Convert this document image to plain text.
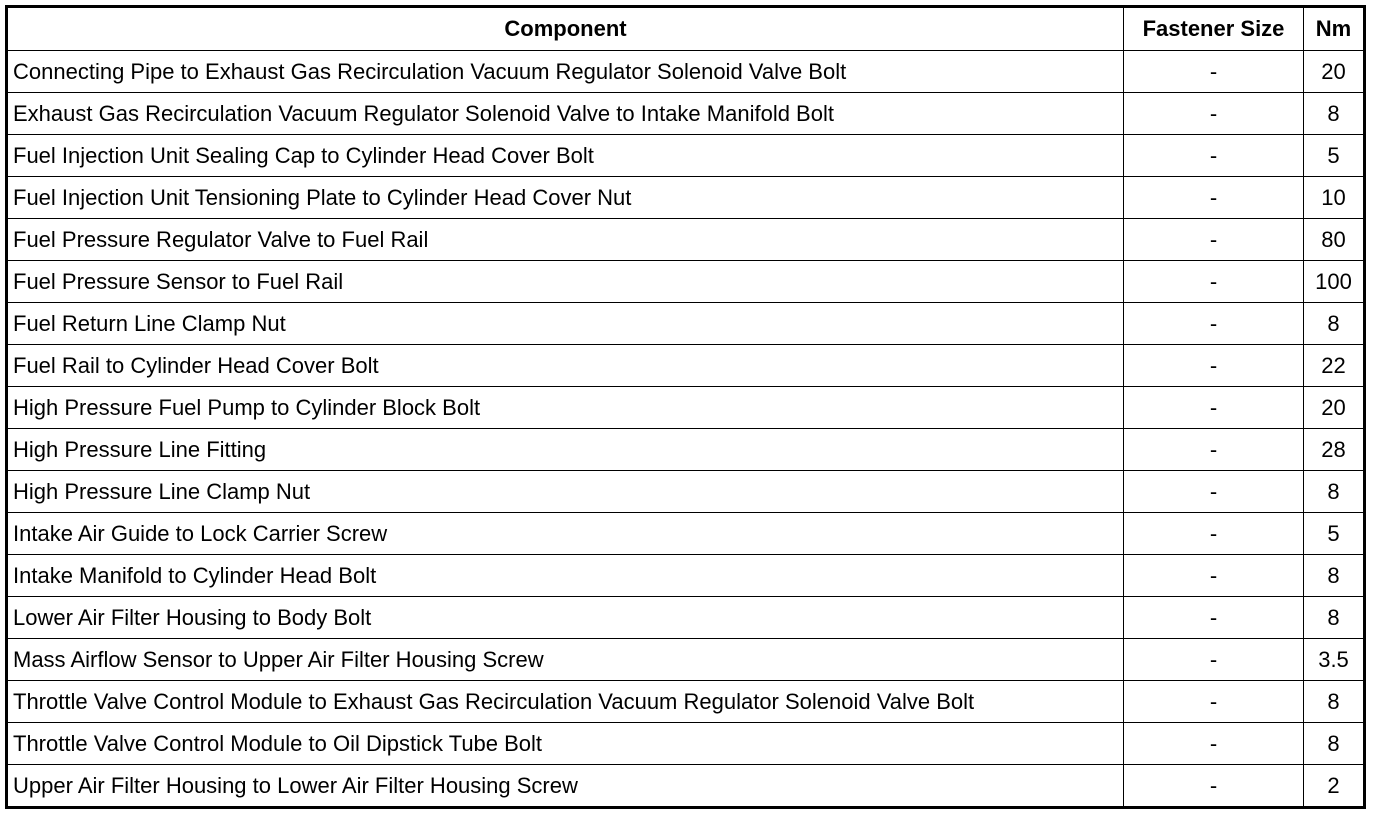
Component	Fastener Size	Nm
Connecting Pipe to Exhaust Gas Recirculation Vacuum Regulator Solenoid Valve Bolt	-	20
Exhaust Gas Recirculation Vacuum Regulator Solenoid Valve to Intake Manifold Bolt	-	8
Fuel Injection Unit Sealing Cap to Cylinder Head Cover Bolt	-	5
Fuel Injection Unit Tensioning Plate to Cylinder Head Cover Nut	-	10
Fuel Pressure Regulator Valve to Fuel Rail	-	80
Fuel Pressure Sensor to Fuel Rail	-	100
Fuel Return Line Clamp Nut	-	8
Fuel Rail to Cylinder Head Cover Bolt	-	22
High Pressure Fuel Pump to Cylinder Block Bolt	-	20
High Pressure Line Fitting	-	28
High Pressure Line Clamp Nut	-	8
Intake Air Guide to Lock Carrier Screw	-	5
Intake Manifold to Cylinder Head Bolt	-	8
Lower Air Filter Housing to Body Bolt	-	8
Mass Airflow Sensor to Upper Air Filter Housing Screw	-	3.5
Throttle Valve Control Module to Exhaust Gas Recirculation Vacuum Regulator Solenoid Valve Bolt	-	8
Throttle Valve Control Module to Oil Dipstick Tube Bolt	-	8
Upper Air Filter Housing to Lower Air Filter Housing Screw	-	2
